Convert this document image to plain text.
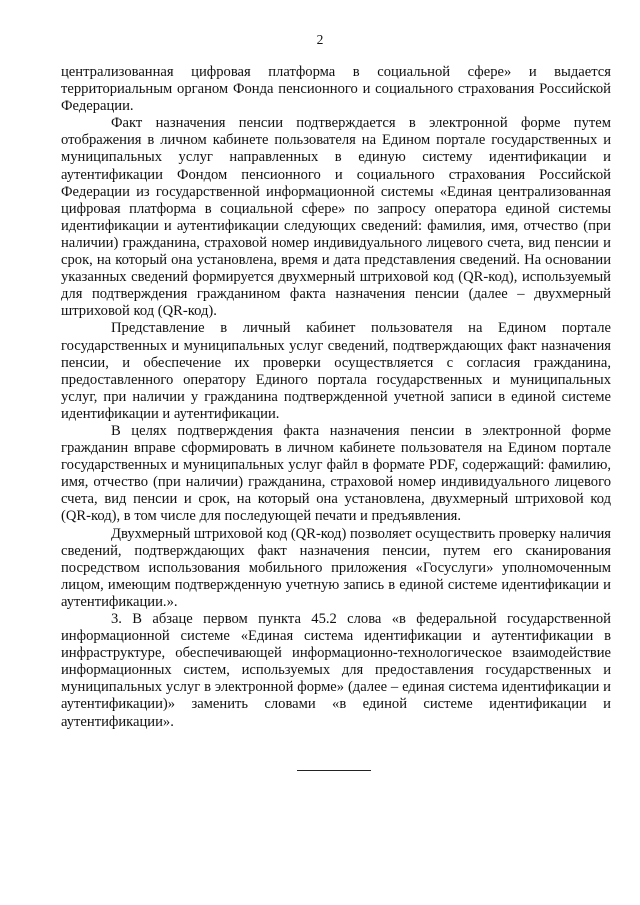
2

централизованная цифровая платформа в социальной сфере» и выдается территориальным органом Фонда пенсионного и социального страхования Российской Федерации.

Факт назначения пенсии подтверждается в электронной форме путем отображения в личном кабинете пользователя на Едином портале государственных и муниципальных услуг направленных в единую систему идентификации и аутентификации Фондом пенсионного и социального страхования Российской Федерации из государственной информационной системы «Единая централизованная цифровая платформа в социальной сфере» по запросу оператора единой системы идентификации и аутентификации следующих сведений: фамилия, имя, отчество (при наличии) гражданина, страховой номер индивидуального лицевого счета, вид пенсии и срок, на который она установлена, время и дата представления сведений. На основании указанных сведений формируется двухмерный штриховой код (QR-код), используемый для подтверждения гражданином факта назначения пенсии (далее – двухмерный штриховой код (QR-код).

Представление в личный кабинет пользователя на Едином портале государственных и муниципальных услуг сведений, подтверждающих факт назначения пенсии, и обеспечение их проверки осуществляется с согласия гражданина, предоставленного оператору Единого портала государственных и муниципальных услуг, при наличии у гражданина подтвержденной учетной записи в единой системе идентификации и аутентификации.

В целях подтверждения факта назначения пенсии в электронной форме гражданин вправе сформировать в личном кабинете пользователя на Едином портале государственных и муниципальных услуг файл в формате PDF, содержащий: фамилию, имя, отчество (при наличии) гражданина, страховой номер индивидуального лицевого счета, вид пенсии и срок, на который она установлена, двухмерный штриховой код (QR-код), в том числе для последующей печати и предъявления.

Двухмерный штриховой код (QR-код) позволяет осуществить проверку наличия сведений, подтверждающих факт назначения пенсии, путем его сканирования посредством использования мобильного приложения «Госуслуги» уполномоченным лицом, имеющим подтвержденную учетную запись в единой системе идентификации и аутентификации.».

3. В абзаце первом пункта 45.2 слова «в федеральной государственной информационной системе «Единая система идентификации и аутентификации в инфраструктуре, обеспечивающей информационно-технологическое взаимодействие информационных систем, используемых для предоставления государственных и муниципальных услуг в электронной форме» (далее – единая система идентификации и аутентификации)» заменить словами «в единой системе идентификации и аутентификации».
